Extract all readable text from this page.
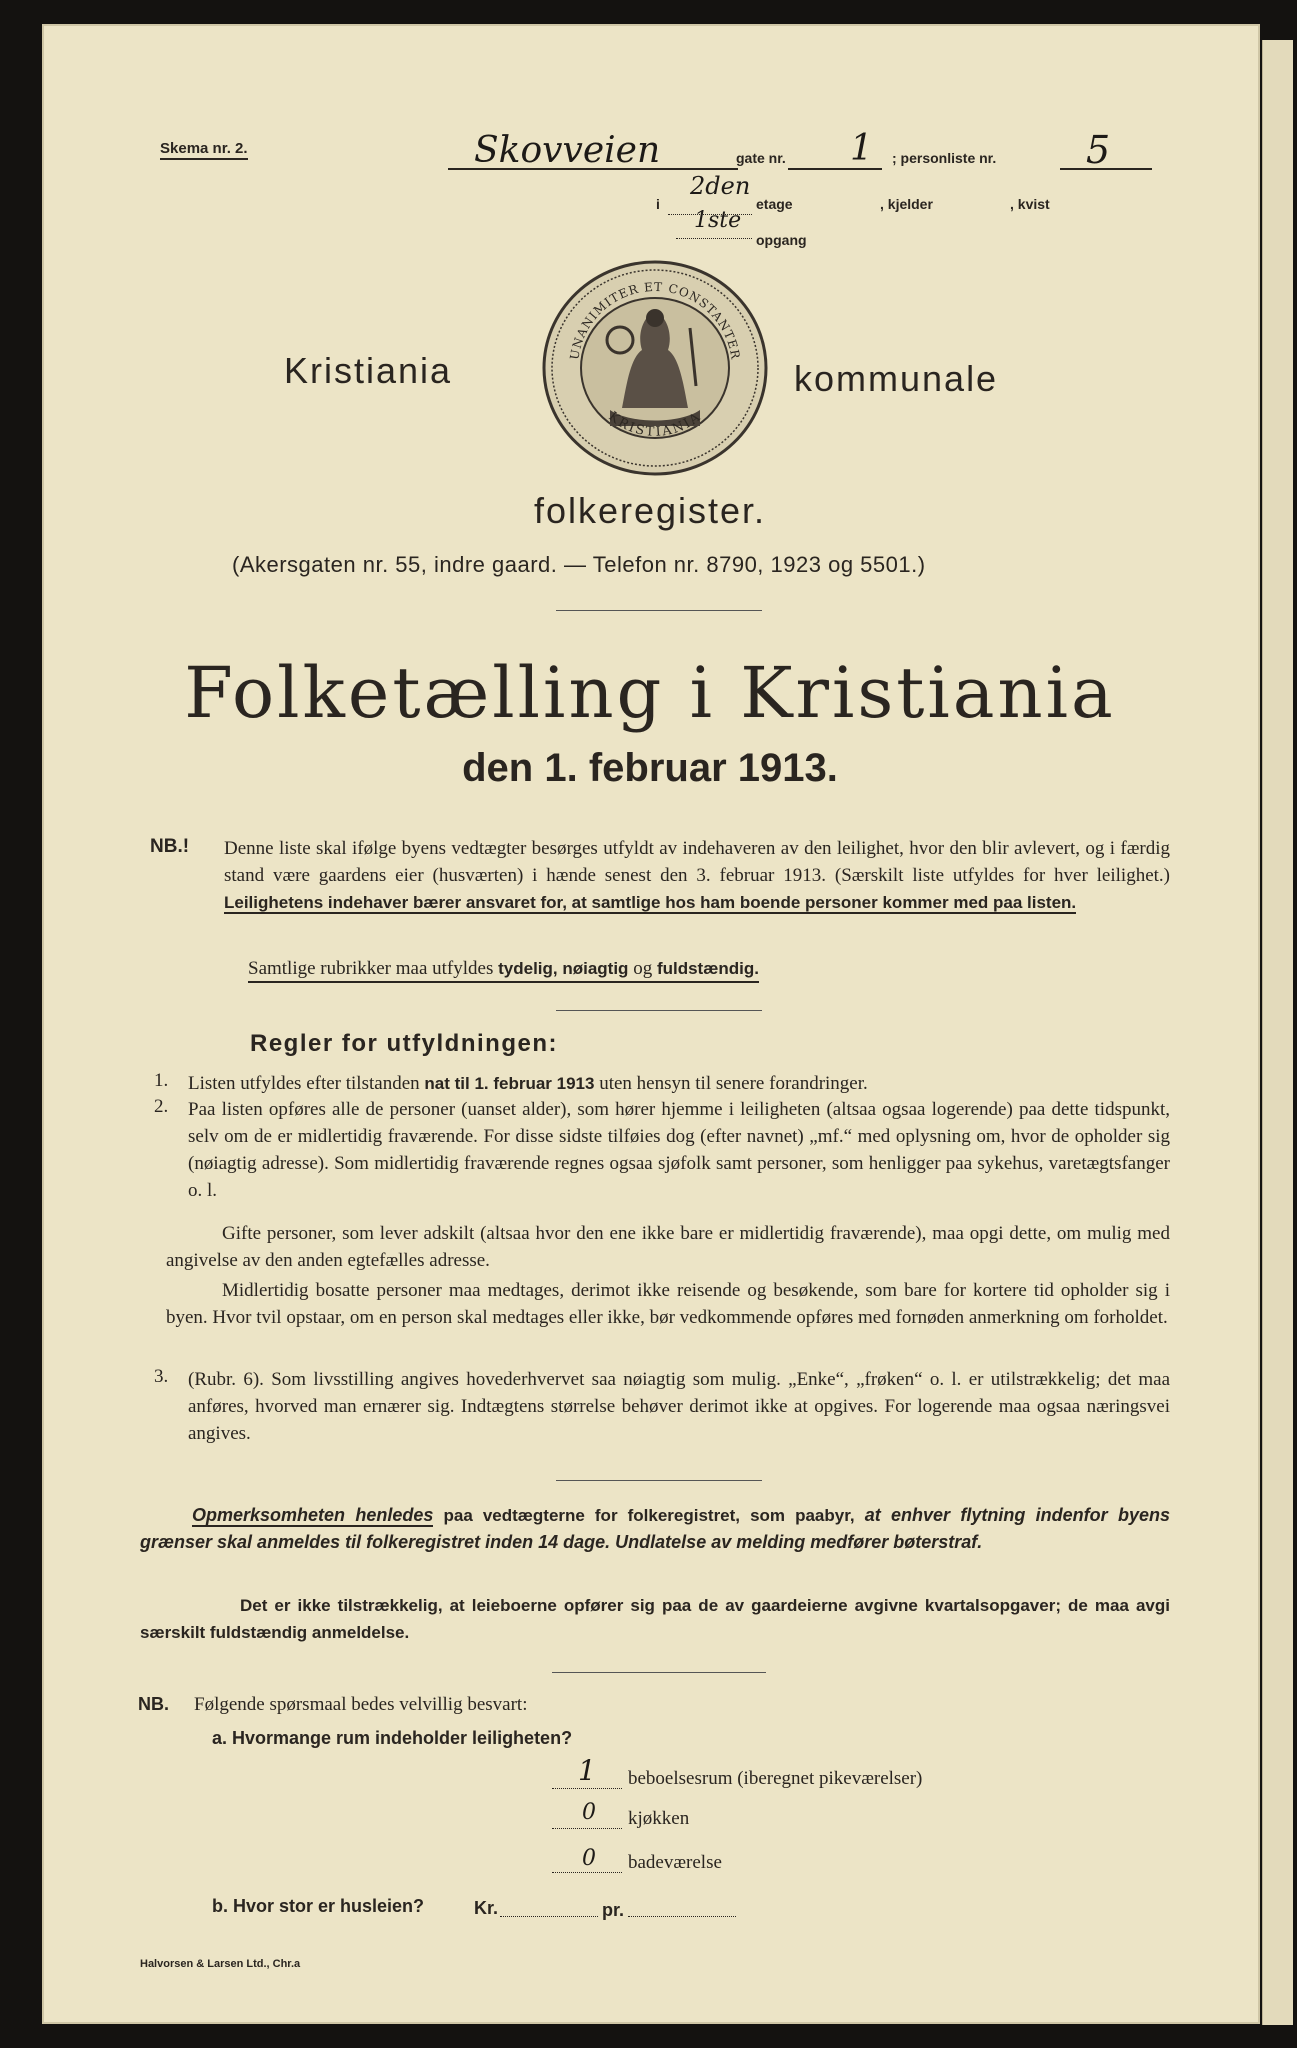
Skema nr. 2.	Skovveien	gate nr. 1 ; personliste nr. 5
i
2den
etage	, kjelder	, kvist
1ste
opgang
UNANIMITER ET CONSTANTER
KRISTIANIA
Kristiania	kommunale
folkeregister.
(Akersgaten nr. 55, indre gaard. — Telefon nr. 8790, 1923 og 5501.)
Folketælling i Kristiania
den 1. februar 1913.
NB.! Denne liste skal ifølge byens vedtægter besørges utfyldt av indehaveren av den leilighet, hvor den blir avlevert, og i færdig stand være gaardens eier (husværten) i hænde senest den 3. februar 1913. (Særskilt liste utfyldes for hver leilighet.) Leilighetens indehaver bærer ansvaret for, at samtlige hos ham boende personer kommer med paa listen.
Samtlige rubrikker maa utfyldes tydelig, nøiagtig og fuldstændig.
Regler for utfyldningen:
1. Listen utfyldes efter tilstanden nat til 1. februar 1913 uten hensyn til senere forandringer.
2. Paa listen opføres alle de personer (uanset alder), som hører hjemme i leiligheten (altsaa ogsaa logerende) paa dette tidspunkt, selv om de er midlertidig fraværende. For disse sidste tilføies dog (efter navnet) „mf.“ med oplysning om, hvor de opholder sig (nøiagtig adresse). Som midlertidig fraværende regnes ogsaa sjøfolk samt personer, som henligger paa sykehus, varetægtsfanger o. l.
Gifte personer, som lever adskilt (altsaa hvor den ene ikke bare er midlertidig fraværende), maa opgi dette, om mulig med angivelse av den anden egtefælles adresse.
Midlertidig bosatte personer maa medtages, derimot ikke reisende og besøkende, som bare for kortere tid opholder sig i byen. Hvor tvil opstaar, om en person skal medtages eller ikke, bør vedkommende opføres med fornøden anmerkning om forholdet.
3. (Rubr. 6). Som livsstilling angives hovederhvervet saa nøiagtig som mulig. „Enke“, „frøken“ o. l. er utilstrækkelig; det maa anføres, hvorved man ernærer sig. Indtægtens størrelse behøver derimot ikke at opgives. For logerende maa ogsaa næringsvei angives.
Opmerksomheten henledes paa vedtægterne for folkeregistret, som paabyr, at enhver flytning indenfor byens grænser skal anmeldes til folkeregistret inden 14 dage. Undlatelse av melding medfører bøterstraf.
Det er ikke tilstrækkelig, at leieboerne opfører sig paa de av gaardeierne avgivne kvartalsopgaver; de maa avgi særskilt fuldstændig anmeldelse.
NB. Følgende spørsmaal bedes velvillig besvart:
a. Hvormange rum indeholder leiligheten?
1 beboelsesrum (iberegnet pikeværelser)
0 kjøkken
0 badeværelse
b. Hvor stor er husleien?	Kr.	pr.
Halvorsen & Larsen Ltd., Chr.a
